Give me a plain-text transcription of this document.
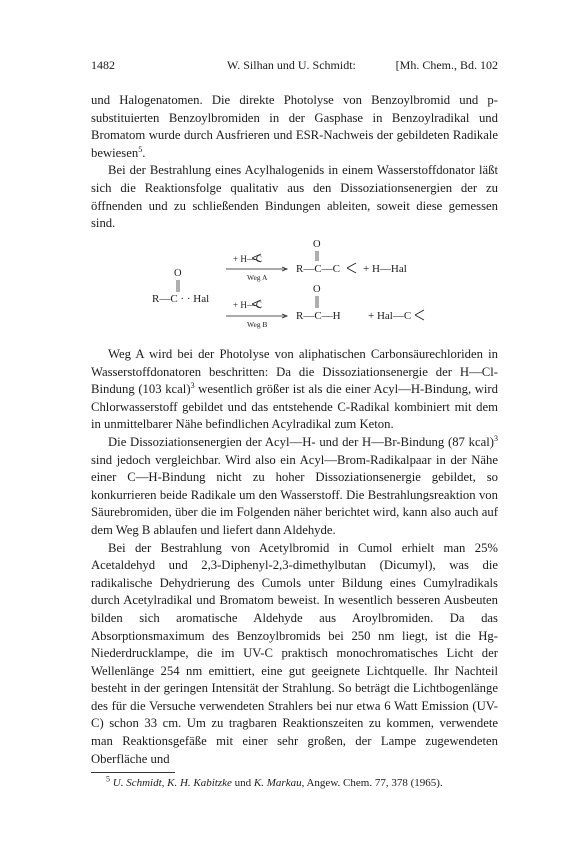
1482	W. Silhan und U. Schmidt:	[Mh. Chem., Bd. 102

und Halogenatomen. Die direkte Photolyse von Benzoylbromid und p-substituierten Benzoylbromiden in der Gasphase in Benzoylradikal und Bromatom wurde durch Ausfrieren und ESR-Nachweis der gebildeten Radikale bewiesen$^5$.

Bei der Bestrahlung eines Acylhalogenids in einem Wasserstoffdonator läßt sich die Reaktionsfolge qualitativ aus den Dissoziationsenergien der zu öffnenden und zu schließenden Bindungen ableiten, soweit diese gemessen sind.

+ H—C
Weg A
O
R—C—C + H—Hal
O
R—C · · Hal	+ H—C
Weg B
O
R—C—H + Hal—C

Weg A wird bei der Photolyse von aliphatischen Carbonsäurechloriden in Wasserstoffdonatoren beschritten: Da die Dissoziationsenergie der H—Cl-Bindung (103 kcal)$^3$ wesentlich größer ist als die einer Acyl—H-Bindung, wird Chlorwasserstoff gebildet und das entstehende C-Radikal kombiniert mit dem in unmittelbarer Nähe befindlichen Acylradikal zum Keton.

Die Dissoziationsenergien der Acyl—H- und der H—Br-Bindung (87 kcal)$^3$ sind jedoch vergleichbar. Wird also ein Acyl—Brom-Radikalpaar in der Nähe einer C—H-Bindung nicht zu hoher Dissoziationsenergie gebildet, so konkurrieren beide Radikale um den Wasserstoff. Die Bestrahlungsreaktion von Säurebromiden, über die im Folgenden näher berichtet wird, kann also auch auf dem Weg B ablaufen und liefert dann Aldehyde.

Bei der Bestrahlung von Acetylbromid in Cumol erhielt man 25% Acetaldehyd und 2,3-Diphenyl-2,3-dimethylbutan (Dicumyl), was die radikalische Dehydrierung des Cumols unter Bildung eines Cumylradikals durch Acetylradikal und Bromatom beweist. In wesentlich besseren Ausbeuten bilden sich aromatische Aldehyde aus Aroylbromiden. Da das Absorptionsmaximum des Benzoylbromids bei 250 nm liegt, ist die Hg-Niederdrucklampe, die im UV-C praktisch monochromatisches Licht der Wellenlänge 254 nm emittiert, eine gut geeignete Lichtquelle. Ihr Nachteil besteht in der geringen Intensität der Strahlung. So beträgt die Lichtbogenlänge des für die Versuche verwendeten Strahlers bei nur etwa 6 Watt Emission (UV-C) schon 33 cm. Um zu tragbaren Reaktionszeiten zu kommen, verwendete man Reaktionsgefäße mit einer sehr großen, der Lampe zugewendeten Oberfläche und

$^5$ U. Schmidt, K. H. Kabitzke und K. Markau, Angew. Chem. 77, 378 (1965).
